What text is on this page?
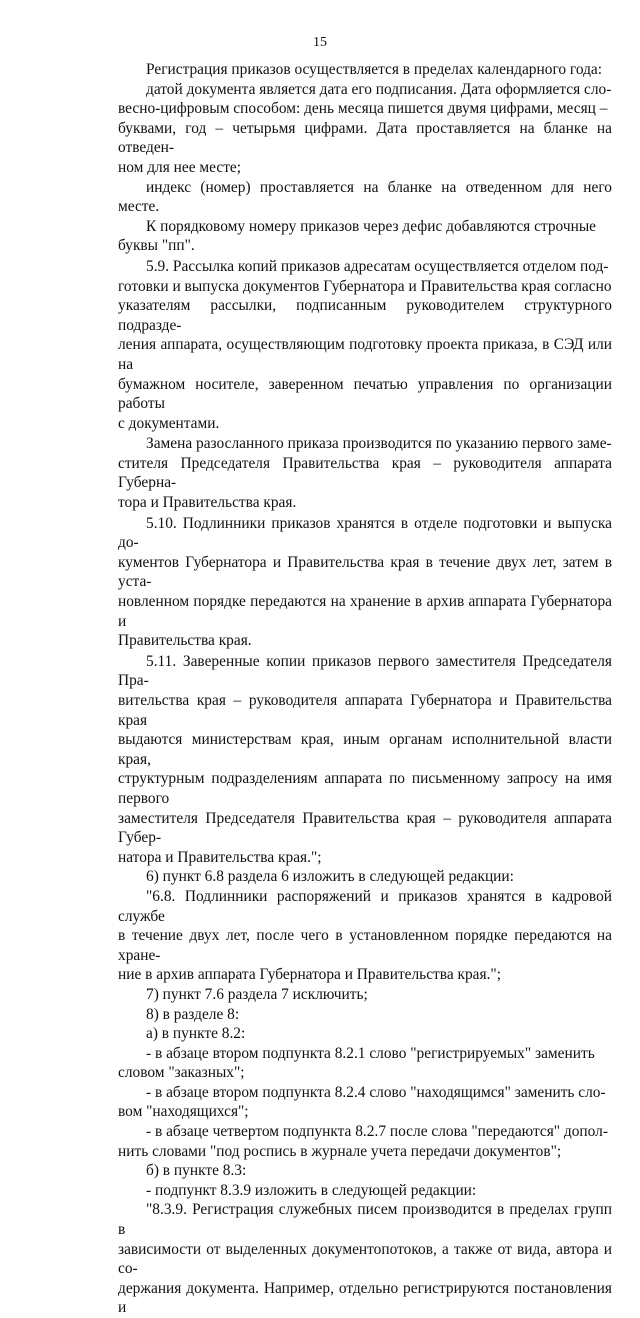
15

Регистрация приказов осуществляется в пределах календарного года:

датой документа является дата его подписания. Дата оформляется сло-
весно-цифровым способом: день месяца пишется двумя цифрами, месяц –
буквами, год – четырьмя цифрами. Дата проставляется на бланке на отведен-
ном для нее месте;

индекс (номер) проставляется на бланке на отведенном для него месте.

К порядковому номеру приказов через дефис добавляются строчные
буквы "пп".

5.9. Рассылка копий приказов адресатам осуществляется отделом под-
готовки и выпуска документов Губернатора и Правительства края согласно
указателям рассылки, подписанным руководителем структурного подразде-
ления аппарата, осуществляющим подготовку проекта приказа, в СЭД или на
бумажном носителе, заверенном печатью управления по организации работы
с документами.

Замена разосланного приказа производится по указанию первого заме-
стителя Председателя Правительства края – руководителя аппарата Губерна-
тора и Правительства края.

5.10. Подлинники приказов хранятся в отделе подготовки и выпуска до-
кументов Губернатора и Правительства края в течение двух лет, затем в уста-
новленном порядке передаются на хранение в архив аппарата Губернатора и
Правительства края.

5.11. Заверенные копии приказов первого заместителя Председателя Пра-
вительства края – руководителя аппарата Губернатора и Правительства края
выдаются министерствам края, иным органам исполнительной власти края,
структурным подразделениям аппарата по письменному запросу на имя первого
заместителя Председателя Правительства края – руководителя аппарата Губер-
натора и Правительства края.";

6) пункт 6.8 раздела 6 изложить в следующей редакции:

"6.8. Подлинники распоряжений и приказов хранятся в кадровой службе
в течение двух лет, после чего в установленном порядке передаются на хране-
ние в архив аппарата Губернатора и Правительства края.";

7) пункт 7.6 раздела 7 исключить;

8) в разделе 8:

а) в пункте 8.2:

- в абзаце втором подпункта 8.2.1 слово "регистрируемых" заменить
словом "заказных";

- в абзаце втором подпункта 8.2.4 слово "находящимся" заменить сло-
вом "находящихся";

- в абзаце четвертом подпункта 8.2.7 после слова "передаются" допол-
нить словами "под роспись в журнале учета передачи документов";

б) в пункте 8.3:

- подпункт 8.3.9 изложить в следующей редакции:

"8.3.9. Регистрация служебных писем производится в пределах групп в
зависимости от выделенных документопотоков, а также от вида, автора и со-
держания документа. Например, отдельно регистрируются постановления и
